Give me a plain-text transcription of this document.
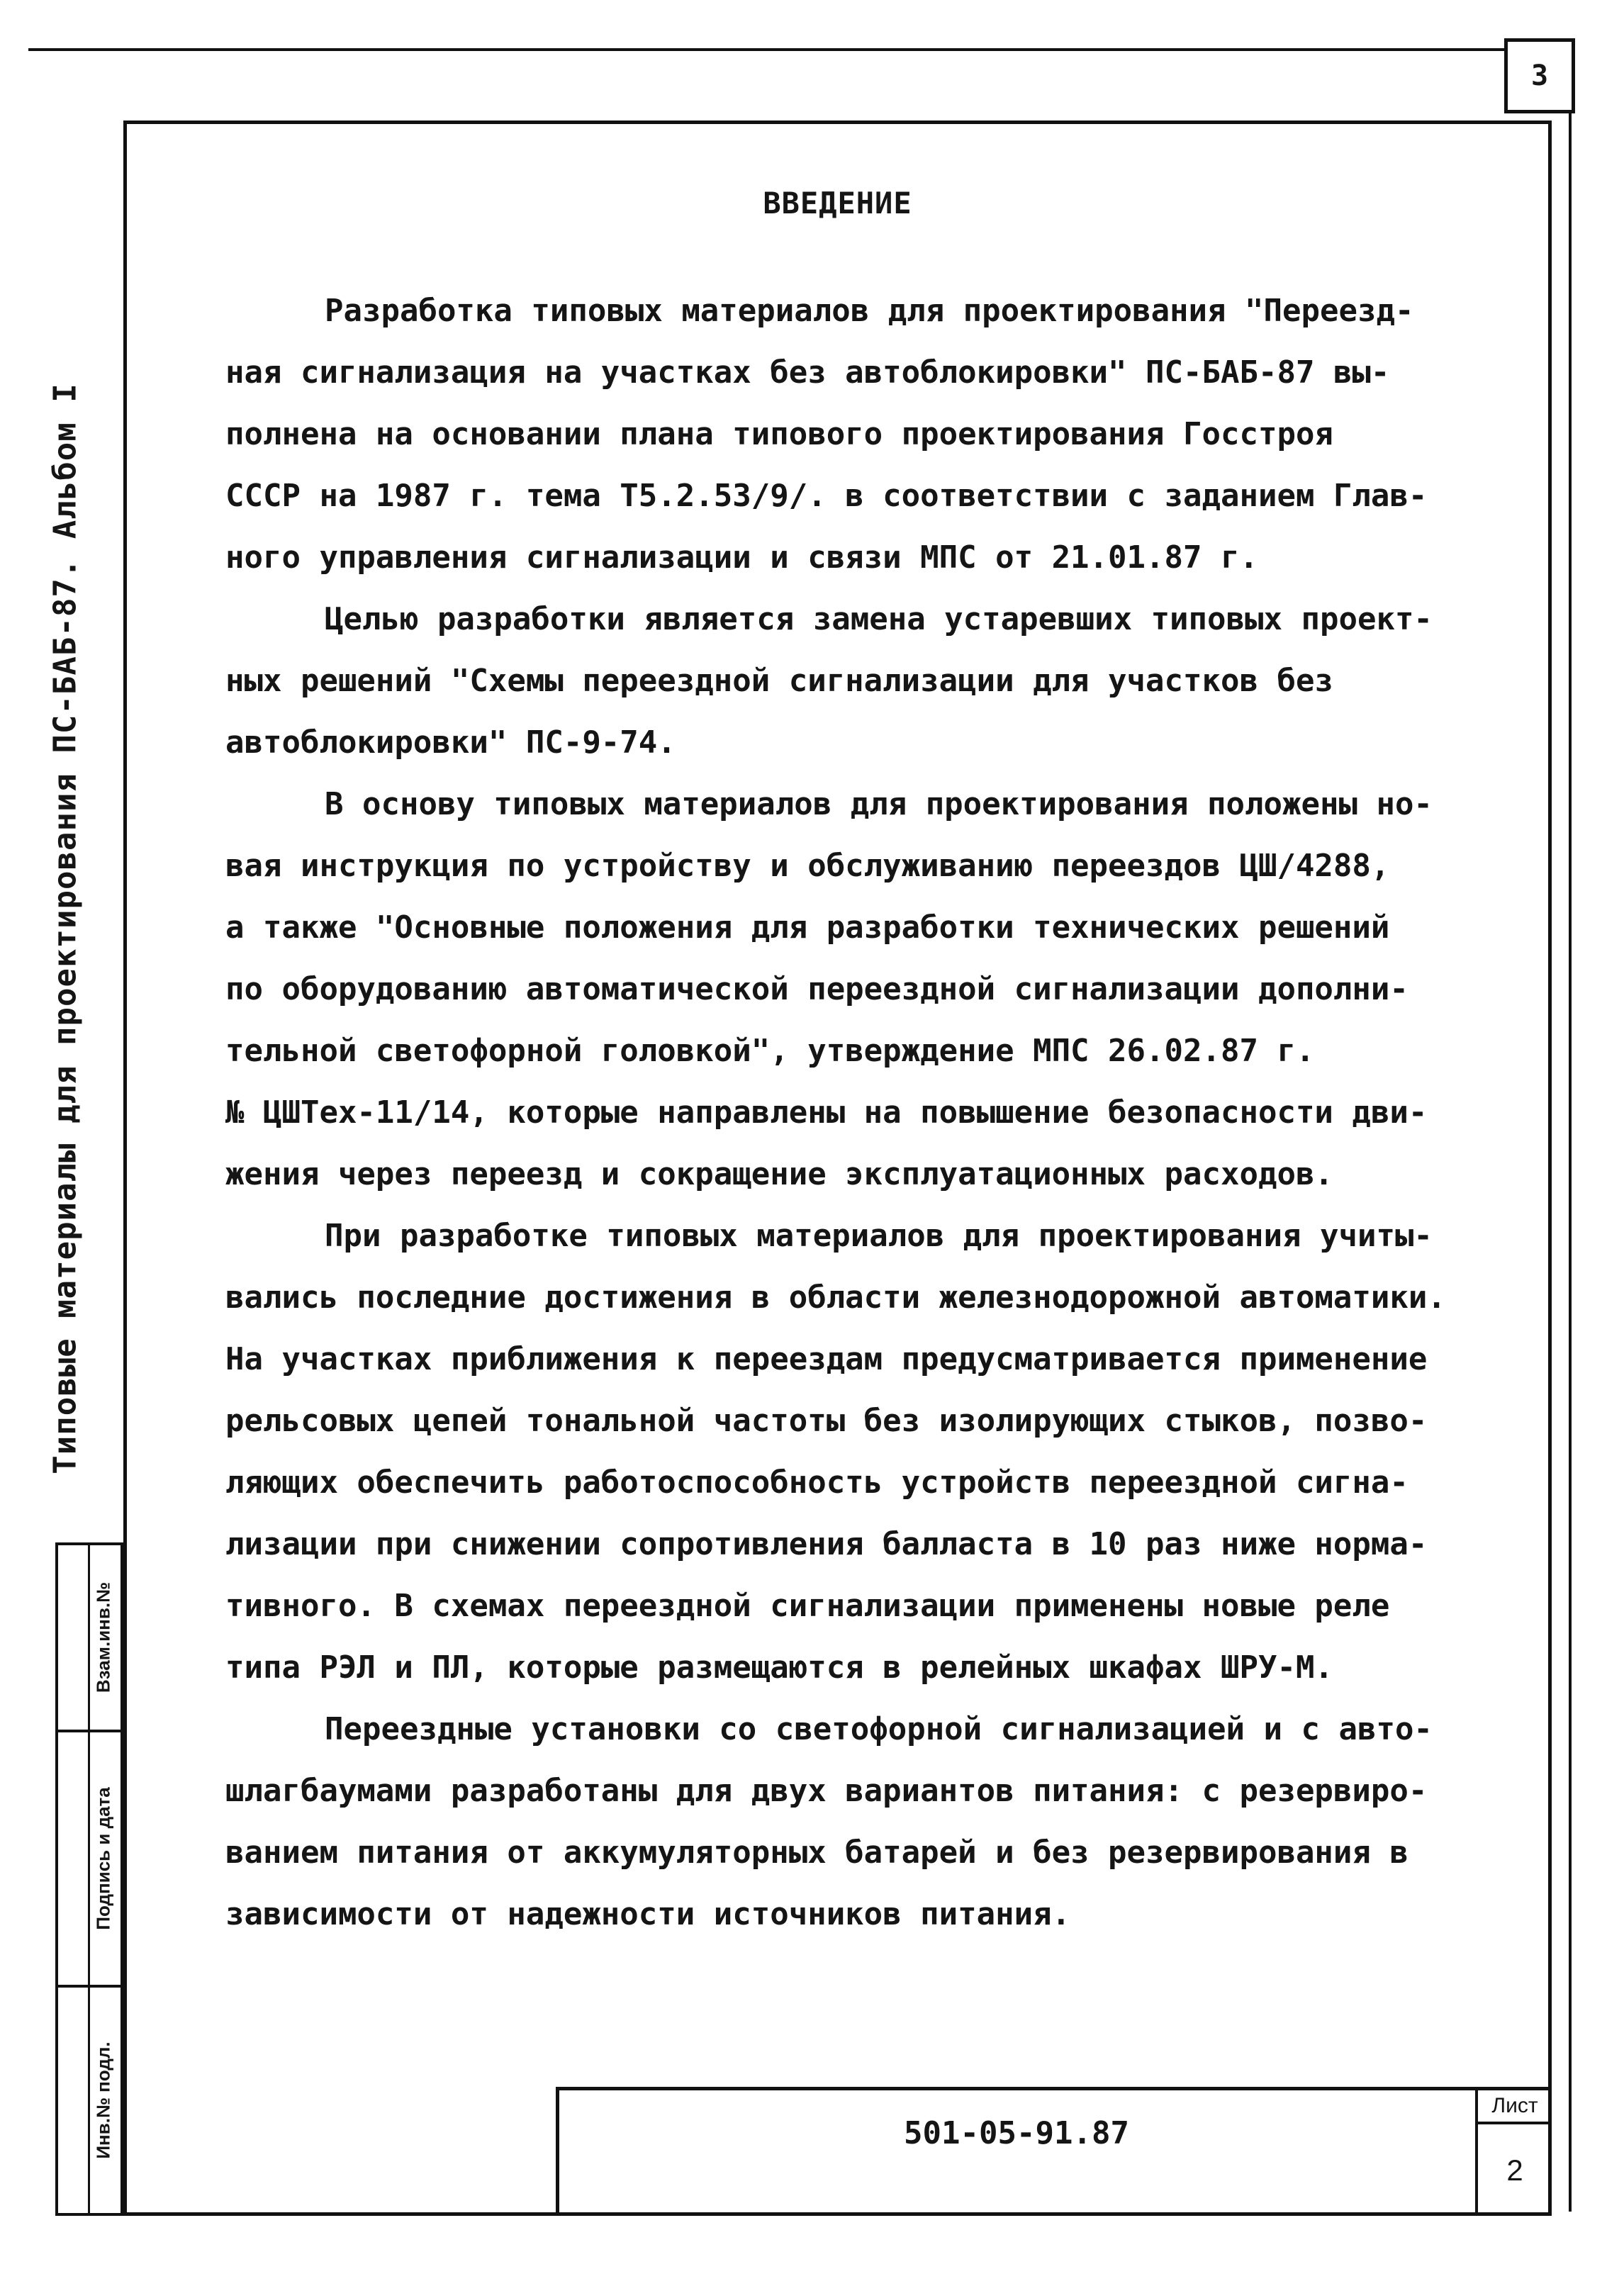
3
Типовые материалы для проектирования ПС-БАБ-87. Альбом I
Взам.инв.№
Подпись и дата
Инв.№ подл.
ВВЕДЕНИЕ
Разработка типовых материалов для проектирования "Переезд-
ная сигнализация на участках без автоблокировки" ПС-БАБ-87 вы-
полнена на основании плана типового проектирования Госстроя
СССР на 1987 г. тема Т5.2.53/9/. в соответствии с заданием Глав-
ного управления сигнализации и связи МПС от 21.01.87 г.
Целью разработки является замена устаревших типовых проект-
ных решений "Схемы переездной сигнализации для участков без
автоблокировки" ПС-9-74.
В основу типовых материалов для проектирования положены но-
вая инструкция по устройству и обслуживанию переездов ЦШ/4288,
а также "Основные положения для разработки технических решений
по оборудованию автоматической переездной сигнализации дополни-
тельной светофорной головкой", утверждение МПС 26.02.87 г.
№ ЦШТех-11/14, которые направлены на повышение безопасности дви-
жения через переезд и сокращение эксплуатационных расходов.
При разработке типовых материалов для проектирования учиты-
вались последние достижения в области железнодорожной автоматики.
На участках приближения к переездам предусматривается применение
рельсовых цепей тональной частоты без изолирующих стыков, позво-
ляющих обеспечить работоспособность устройств переездной сигна-
лизации при снижении сопротивления балласта в 10 раз ниже норма-
тивного. В схемах переездной сигнализации применены новые реле
типа РЭЛ и ПЛ, которые размещаются в релейных шкафах ШРУ-М.
Переездные установки со светофорной сигнализацией и с авто-
шлагбаумами разработаны для двух вариантов питания: с резервиро-
ванием питания от аккумуляторных батарей и без резервирования в
зависимости от надежности источников питания.
501-05-91.87
Лист
2
